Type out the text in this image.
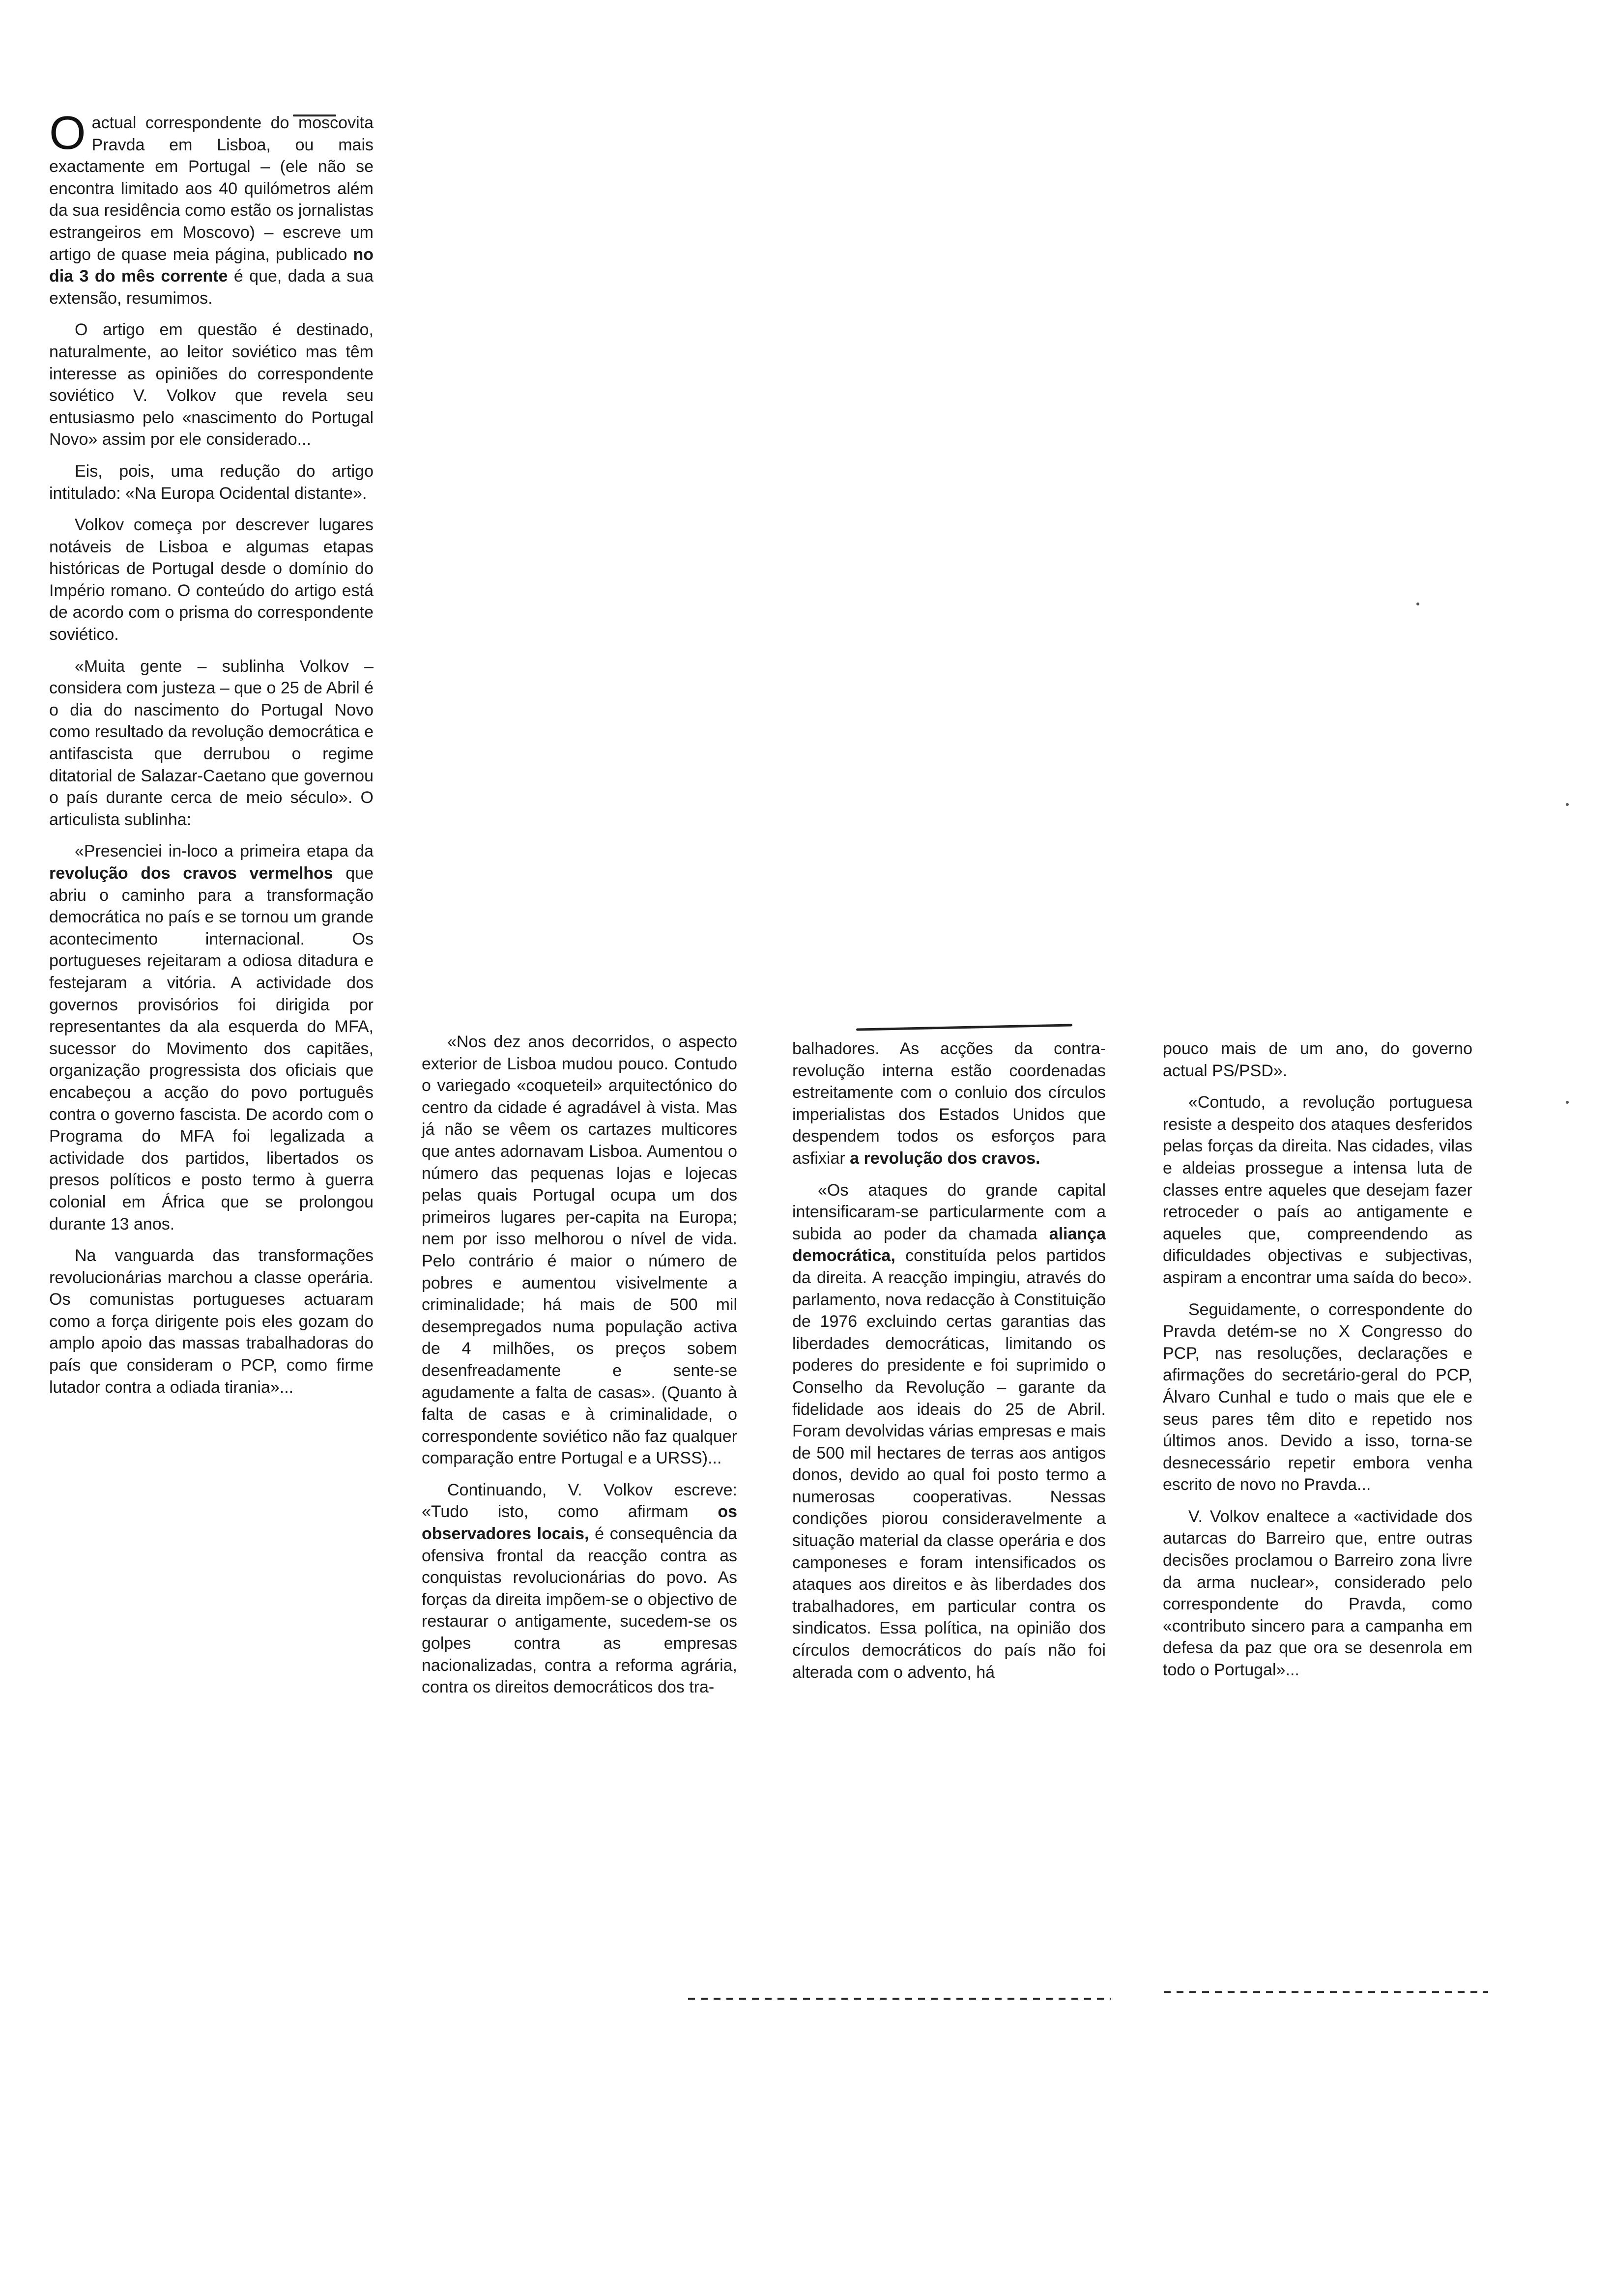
O actual correspondente do moscovita Pravda em Lisboa, ou mais exactamente em Portugal – (ele não se encontra limitado aos 40 quilómetros além da sua residência como estão os jornalistas estrangeiros em Moscovo) – escreve um artigo de quase meia página, publicado no dia 3 do mês corrente é que, dada a sua extensão, resumimos.

O artigo em questão é destinado, naturalmente, ao leitor soviético mas têm interesse as opiniões do correspondente soviético V. Volkov que revela seu entusiasmo pelo «nascimento do Portugal Novo» assim por ele considerado...

Eis, pois, uma redução do artigo intitulado: «Na Europa Ocidental distante».

Volkov começa por descrever lugares notáveis de Lisboa e algumas etapas históricas de Portugal desde o domínio do Império romano. O conteúdo do artigo está de acordo com o prisma do correspondente soviético.

«Muita gente – sublinha Volkov – considera com justeza – que o 25 de Abril é o dia do nascimento do Portugal Novo como resultado da revolução democrática e antifascista que derrubou o regime ditatorial de Salazar-Caetano que governou o país durante cerca de meio século». O articulista sublinha:

«Presenciei in-loco a primeira etapa da revolução dos cravos vermelhos que abriu o caminho para a transformação democrática no país e se tornou um grande acontecimento internacional. Os portugueses rejeitaram a odiosa ditadura e festejaram a vitória. A actividade dos governos provisórios foi dirigida por representantes da ala esquerda do MFA, sucessor do Movimento dos capitães, organização progressista dos oficiais que encabeçou a acção do povo português contra o governo fascista. De acordo com o Programa do MFA foi legalizada a actividade dos partidos, libertados os presos políticos e posto termo à guerra colonial em África que se prolongou durante 13 anos.

Na vanguarda das transformações revolucionárias marchou a classe operária. Os comunistas portugueses actuaram como a força dirigente pois eles gozam do amplo apoio das massas trabalhadoras do país que consideram o PCP, como firme lutador contra a odiada tirania»...

«Nos dez anos decorridos, o aspecto exterior de Lisboa mudou pouco. Contudo o variegado «coqueteil» arquitectónico do centro da cidade é agradável à vista. Mas já não se vêem os cartazes multicores que antes adornavam Lisboa. Aumentou o número das pequenas lojas e lojecas pelas quais Portugal ocupa um dos primeiros lugares per-capita na Europa; nem por isso melhorou o nível de vida. Pelo contrário é maior o número de pobres e aumentou visivelmente a criminalidade; há mais de 500 mil desempregados numa população activa de 4 milhões, os preços sobem desenfreadamente e sente-se agudamente a falta de casas». (Quanto à falta de casas e à criminalidade, o correspondente soviético não faz qualquer comparação entre Portugal e a URSS)...

Continuando, V. Volkov escreve: «Tudo isto, como afirmam os observadores locais, é consequência da ofensiva frontal da reacção contra as conquistas revolucionárias do povo. As forças da direita impõem-se o objectivo de restaurar o antigamente, sucedem-se os golpes contra as empresas nacionalizadas, contra a reforma agrária, contra os direitos democráticos dos tra-

balhadores. As acções da contra-revolução interna estão coordenadas estreitamente com o conluio dos círculos imperialistas dos Estados Unidos que despendem todos os esforços para asfixiar a revolução dos cravos.

«Os ataques do grande capital intensificaram-se particularmente com a subida ao poder da chamada aliança democrática, constituída pelos partidos da direita. A reacção impingiu, através do parlamento, nova redacção à Constituição de 1976 excluindo certas garantias das liberdades democráticas, limitando os poderes do presidente e foi suprimido o Conselho da Revolução – garante da fidelidade aos ideais do 25 de Abril. Foram devolvidas várias empresas e mais de 500 mil hectares de terras aos antigos donos, devido ao qual foi posto termo a numerosas cooperativas. Nessas condições piorou consideravelmente a situação material da classe operária e dos camponeses e foram intensificados os ataques aos direitos e às liberdades dos trabalhadores, em particular contra os sindicatos. Essa política, na opinião dos círculos democráticos do país não foi alterada com o advento, há

pouco mais de um ano, do governo actual PS/PSD».

«Contudo, a revolução portuguesa resiste a despeito dos ataques desferidos pelas forças da direita. Nas cidades, vilas e aldeias prossegue a intensa luta de classes entre aqueles que desejam fazer retroceder o país ao antigamente e aqueles que, compreendendo as dificuldades objectivas e subjectivas, aspiram a encontrar uma saída do beco».

Seguidamente, o correspondente do Pravda detém-se no X Congresso do PCP, nas resoluções, declarações e afirmações do secretário-geral do PCP, Álvaro Cunhal e tudo o mais que ele e seus pares têm dito e repetido nos últimos anos. Devido a isso, torna-se desnecessário repetir embora venha escrito de novo no Pravda...

V. Volkov enaltece a «actividade dos autarcas do Barreiro que, entre outras decisões proclamou o Barreiro zona livre da arma nuclear», considerado pelo correspondente do Pravda, como «contributo sincero para a campanha em defesa da paz que ora se desenrola em todo o Portugal»...
